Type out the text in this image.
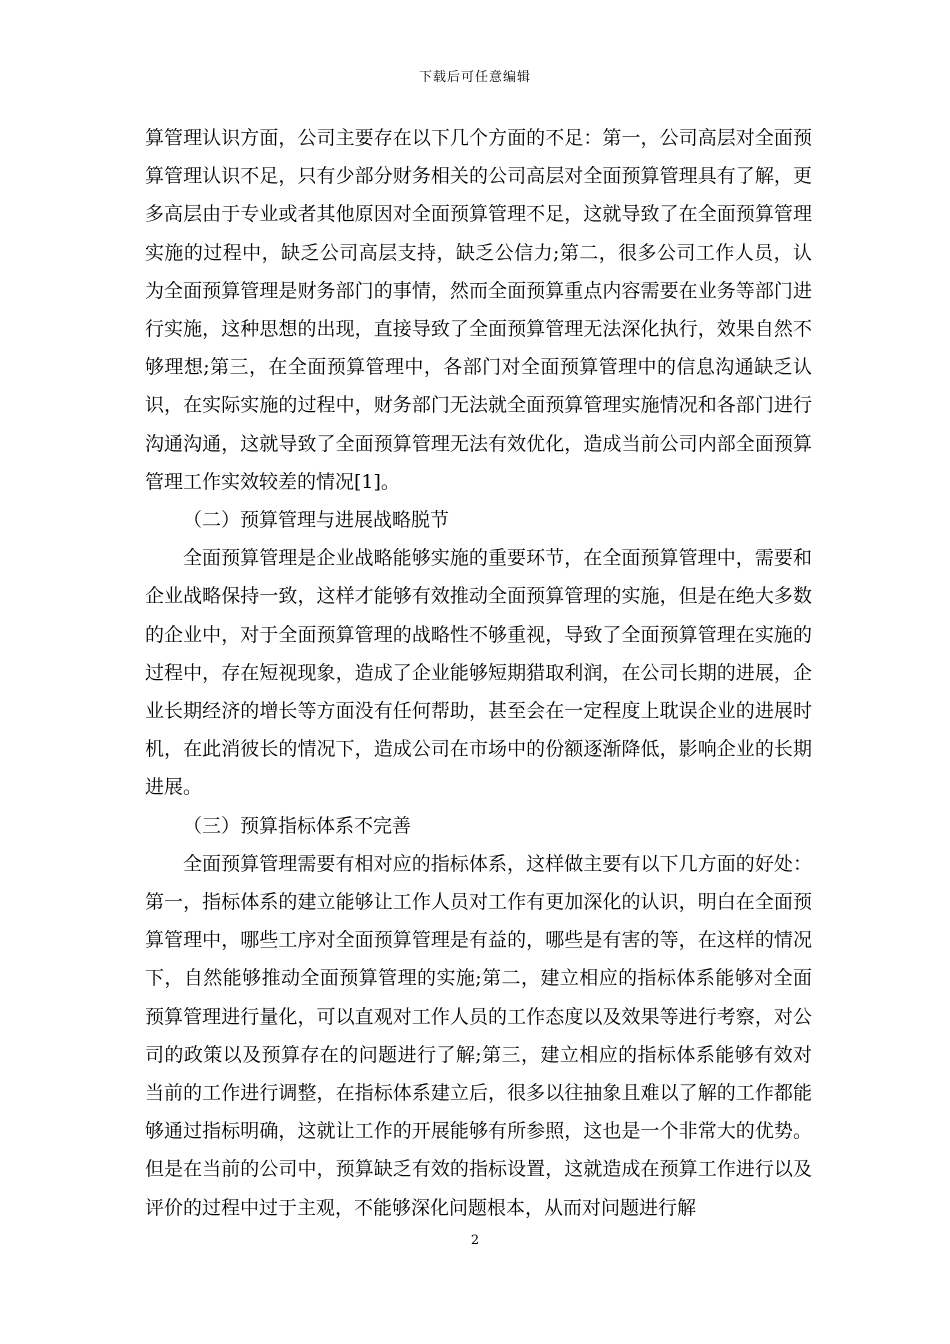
下载后可任意编辑

算管理认识方面，公司主要存在以下几个方面的不足：第一，公司高层对全面预算管理认识不足，只有少部分财务相关的公司高层对全面预算管理具有了解，更多高层由于专业或者其他原因对全面预算管理不足，这就导致了在全面预算管理实施的过程中，缺乏公司高层支持，缺乏公信力;第二，很多公司工作人员，认为全面预算管理是财务部门的事情，然而全面预算重点内容需要在业务等部门进行实施，这种思想的出现，直接导致了全面预算管理无法深化执行，效果自然不够理想;第三，在全面预算管理中，各部门对全面预算管理中的信息沟通缺乏认识，在实际实施的过程中，财务部门无法就全面预算管理实施情况和各部门进行沟通沟通，这就导致了全面预算管理无法有效优化，造成当前公司内部全面预算管理工作实效较差的情况[1]。

（二）预算管理与进展战略脱节

全面预算管理是企业战略能够实施的重要环节，在全面预算管理中，需要和企业战略保持一致，这样才能够有效推动全面预算管理的实施，但是在绝大多数的企业中，对于全面预算管理的战略性不够重视，导致了全面预算管理在实施的过程中，存在短视现象，造成了企业能够短期猎取利润，在公司长期的进展，企业长期经济的增长等方面没有任何帮助，甚至会在一定程度上耽误企业的进展时机，在此消彼长的情况下，造成公司在市场中的份额逐渐降低，影响企业的长期进展。

（三）预算指标体系不完善

全面预算管理需要有相对应的指标体系，这样做主要有以下几方面的好处：第一，指标体系的建立能够让工作人员对工作有更加深化的认识，明白在全面预算管理中，哪些工序对全面预算管理是有益的，哪些是有害的等，在这样的情况下，自然能够推动全面预算管理的实施;第二，建立相应的指标体系能够对全面预算管理进行量化，可以直观对工作人员的工作态度以及效果等进行考察，对公司的政策以及预算存在的问题进行了解;第三，建立相应的指标体系能够有效对当前的工作进行调整，在指标体系建立后，很多以往抽象且难以了解的工作都能够通过指标明确，这就让工作的开展能够有所参照，这也是一个非常大的优势。但是在当前的公司中，预算缺乏有效的指标设置，这就造成在预算工作进行以及评价的过程中过于主观，不能够深化问题根本，从而对问题进行解

2
